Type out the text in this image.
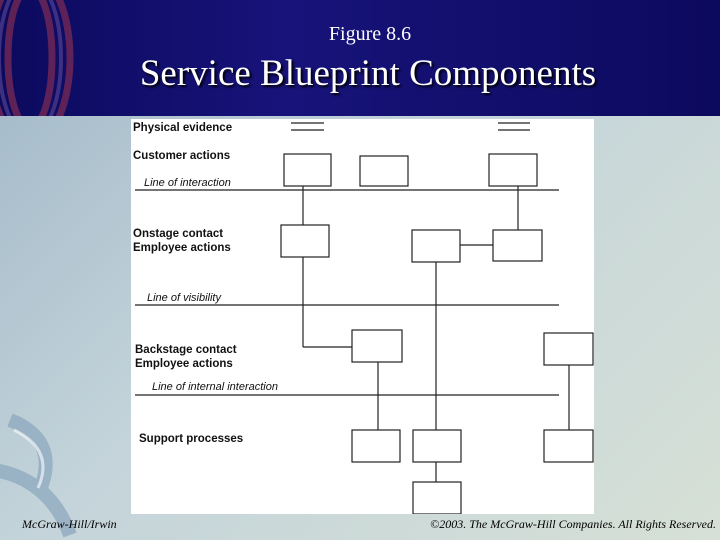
Figure 8.6
Service Blueprint Components
Physical evidence
Customer actions
Onstage contact
Employee actions
Backstage contact
Employee actions
Support processes
Line of interaction
Line of visibility
Line of internal interaction
McGraw-Hill/Irwin	©2003. The McGraw-Hill Companies. All Rights Reserved.
